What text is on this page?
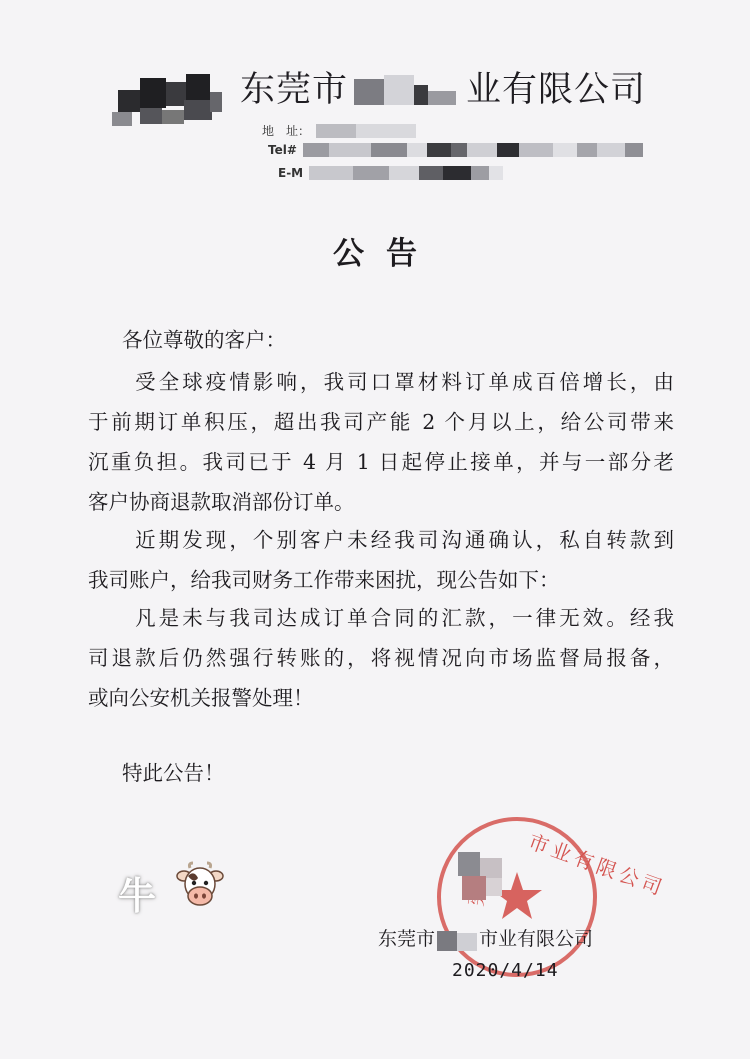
东莞市	业有限公司
地　址：
Tel#
E-M
公告
各位尊敬的客户：
　　受全球疫情影响，我司口罩材料订单成百倍增长，由
于前期订单积压，超出我司产能 2 个月以上，给公司带来
沉重负担。我司已于 4 月 1 日起停止接单，并与一部分老
客户协商退款取消部份订单。
　　近期发现，个别客户未经我司沟通确认，私自转款到
我司账户，给我司财务工作带来困扰，现公告如下：
　　凡是未与我司达成订单合同的汇款，一律无效。经我
司退款后仍然强行转账的，将视情况向市场监督局报备，
或向公安机关报警处理！
特此公告！
牛	市业有限公司
东莞市 市业有限公司
2020/4/14
